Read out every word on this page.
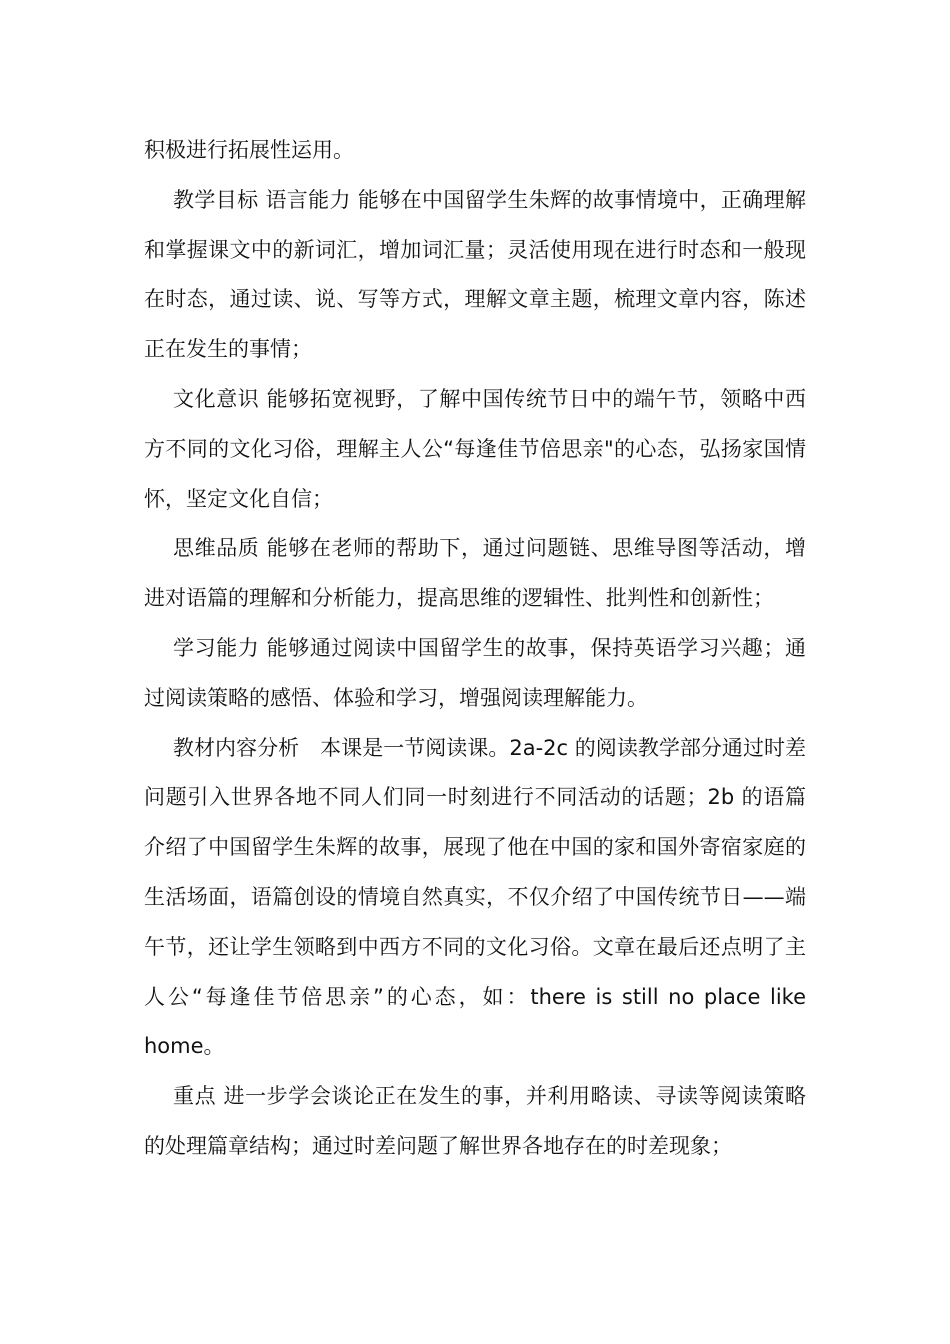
积极进行拓展性运用。

教学目标 语言能力 能够在中国留学生朱辉的故事情境中，正确理解和掌握课文中的新词汇，增加词汇量；灵活使用现在进行时态和一般现在时态，通过读、说、写等方式，理解文章主题，梳理文章内容，陈述正在发生的事情；

文化意识 能够拓宽视野，了解中国传统节日中的端午节，领略中西方不同的文化习俗，理解主人公“每逢佳节倍思亲"的心态，弘扬家国情怀，坚定文化自信；

思维品质 能够在老师的帮助下，通过问题链、思维导图等活动，增进对语篇的理解和分析能力，提高思维的逻辑性、批判性和创新性；

学习能力 能够通过阅读中国留学生的故事，保持英语学习兴趣；通过阅读策略的感悟、体验和学习，增强阅读理解能力。

教材内容分析　本课是一节阅读课。2a-2c 的阅读教学部分通过时差问题引入世界各地不同人们同一时刻进行不同活动的话题；2b 的语篇介绍了中国留学生朱辉的故事，展现了他在中国的家和国外寄宿家庭的生活场面，语篇创设的情境自然真实，不仅介绍了中国传统节日——端午节，还让学生领略到中西方不同的文化习俗。文章在最后还点明了主人公“每逢佳节倍思亲”的心态，如：there is still no place like home。

重点 进一步学会谈论正在发生的事，并利用略读、寻读等阅读策略的处理篇章结构；通过时差问题了解世界各地存在的时差现象；
